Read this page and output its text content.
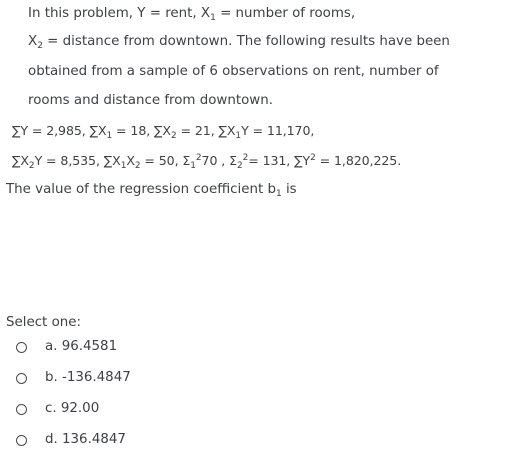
In this problem, Y = rent, $X_1$ = number of rooms,
$X_2$ = distance from downtown. The following results have been
obtained from a sample of 6 observations on rent, number of
rooms and distance from downtown.
∑Y = 2,985, $\sum X_1 = 18$, $\sum X_2 = 21$, $\sum X_1Y = 11,170$,
$\sum X_2Y = 8,535$, $\sum X_1X_2 = 50$, $\Sigma_1^270$ , $\Sigma_2^2= 131$, $\sum Y^2 = 1,820,225$.
The value of the regression coefficient $b_1$ is
Select one:
a. 96.4581
b. -136.4847
c. 92.00
d. 136.4847
